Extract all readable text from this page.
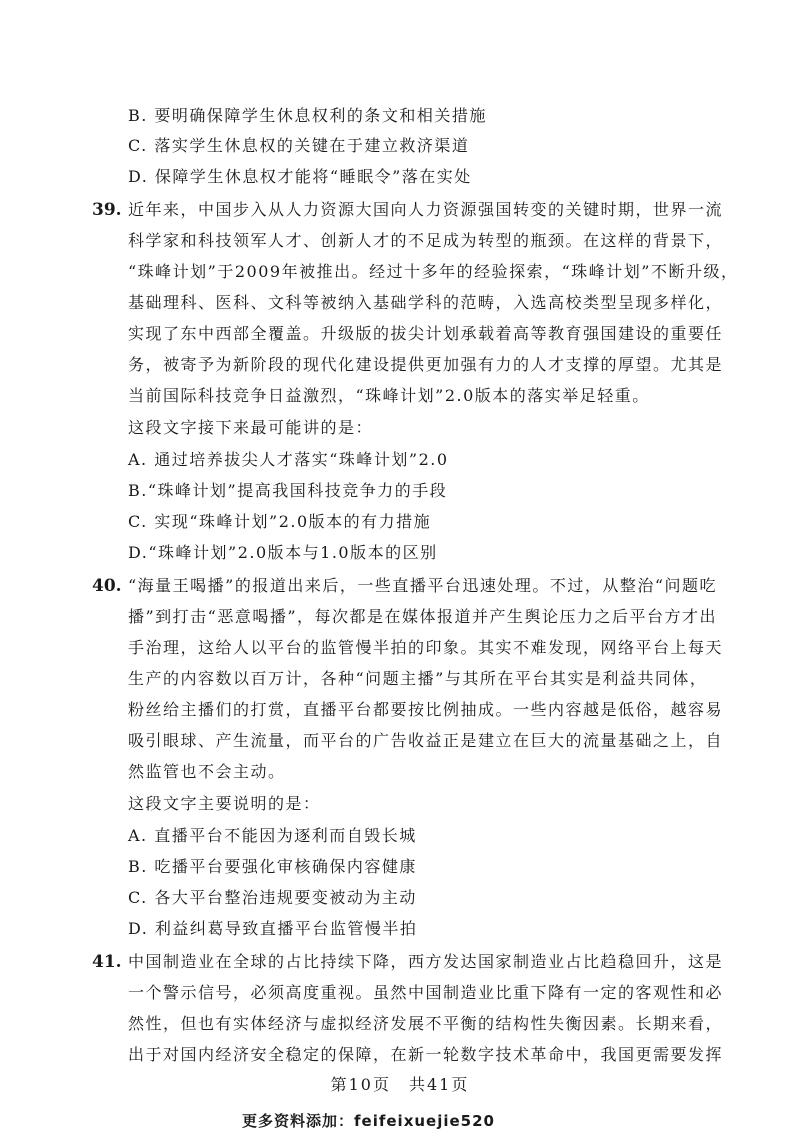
B. 要明确保障学生休息权利的条文和相关措施
C. 落实学生休息权的关键在于建立救济渠道
D. 保障学生休息权才能将“睡眠令”落在实处
39. 近年来，中国步入从人力资源大国向人力资源强国转变的关键时期，世界一流
科学家和科技领军人才、创新人才的不足成为转型的瓶颈。在这样的背景下，
“珠峰计划”于2009年被推出。经过十多年的经验探索，“珠峰计划”不断升级，
基础理科、医科、文科等被纳入基础学科的范畴，入选高校类型呈现多样化，
实现了东中西部全覆盖。升级版的拔尖计划承载着高等教育强国建设的重要任
务，被寄予为新阶段的现代化建设提供更加强有力的人才支撑的厚望。尤其是
当前国际科技竞争日益激烈，“珠峰计划”2.0版本的落实举足轻重。
这段文字接下来最可能讲的是：
A. 通过培养拔尖人才落实“珠峰计划”2.0
B.“珠峰计划”提高我国科技竞争力的手段
C. 实现“珠峰计划”2.0版本的有力措施
D.“珠峰计划”2.0版本与1.0版本的区别
40. “海量王喝播”的报道出来后，一些直播平台迅速处理。不过，从整治“问题吃
播”到打击“恶意喝播”，每次都是在媒体报道并产生舆论压力之后平台方才出
手治理，这给人以平台的监管慢半拍的印象。其实不难发现，网络平台上每天
生产的内容数以百万计，各种“问题主播”与其所在平台其实是利益共同体，
粉丝给主播们的打赏，直播平台都要按比例抽成。一些内容越是低俗，越容易
吸引眼球、产生流量，而平台的广告收益正是建立在巨大的流量基础之上，自
然监管也不会主动。
这段文字主要说明的是：
A. 直播平台不能因为逐利而自毁长城
B. 吃播平台要强化审核确保内容健康
C. 各大平台整治违规要变被动为主动
D. 利益纠葛导致直播平台监管慢半拍
41. 中国制造业在全球的占比持续下降，西方发达国家制造业占比趋稳回升，这是
一个警示信号，必须高度重视。虽然中国制造业比重下降有一定的客观性和必
然性，但也有实体经济与虚拟经济发展不平衡的结构性失衡因素。长期来看，
出于对国内经济安全稳定的保障，在新一轮数字技术革命中，我国更需要发挥
第10页　共41页
更多资料添加：feifeixuejie520
